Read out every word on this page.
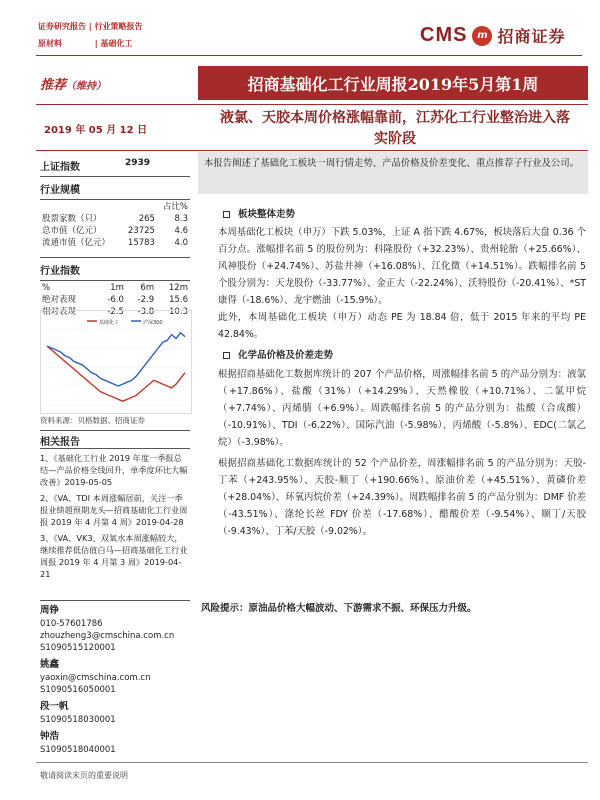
证券研究报告 | 行业策略报告
原材料	| 基础化工	CMS m 招商证券
推荐（维持）	招商基础化工行业周报2019年5月第1周
2019 年 05 月 12 日
液氯、天胶本周价格涨幅靠前，江苏化工行业整治进入落
实阶段
上证指数	2939
行业规模
		占比%
股票家数（只）	265	8.3
总市值（亿元）	23725	4.6
流通市值（亿元）	15783	4.0
行业指数
%	1m	6m	12m
绝对表现	-6.0	-2.9	15.6
相对表现	-2.5	-3.8	10.3
基础化工	沪深300
资料来源：贝格数据、招商证券
相关报告
1、《基础化工行业 2019 年度一季报总结—产品价格全线回升，单季度环比大幅改善》2019-05-05
2、《VA、TDI 本周涨幅居前，关注一季报业绩超预期龙头—招商基础化工行业周报 2019 年 4 月第 4 周》2019-04-28
3、《VA、VK3、双氧水本周涨幅较大，继续推荐低估值白马—招商基础化工行业周报 2019 年 4 月第 3 周》2019-04-21
周铮
010-57601786
zhouzheng3@cmschina.com.cn
S1090515120001
姚鑫
yaoxin@cmschina.com.cn
S1090516050001
段一帆
S1090518030001
钟浩
S1090518040001
本报告阐述了基础化工板块一周行情走势、产品价格及价差变化、重点推荐子行业及公司。
板块整体走势
本周基础化工板块（申万）下跌 5.03%，上证 A 指下跌 4.67%，板块落后大盘 0.36 个百分点。涨幅排名前 5 的股份列为：科隆股份（+32.23%）、贵州轮胎（+25.66%）、风神股份（+24.74%）、苏盐井神（+16.08%）、江化微（+14.51%）。跌幅排名前 5 个股分别为：天龙股份（-33.77%）、金正大（-22.24%）、沃特股份（-20.41%）、*ST 康得（-18.6%）、龙宇燃油（-15.9%）。
此外，本周基础化工板块（申万）动态 PE 为 18.84 倍，低于 2015 年来的平均 PE 42.84%。
化学品价格及价差走势
根据招商基础化工数据库统计的 207 个产品价格，周涨幅排名前 5 的产品分别为：液氯（+17.86%）、盐酸（31%）（+14.29%）、天然橡胶（+10.71%）、二氯甲烷（+7.74%）、丙烯腈（+6.9%）。周跌幅排名前 5 的产品分别为：盐酸（合成酸）（-10.91%）、TDI（-6.22%）、国际汽油（-5.98%）、丙烯酸（-5.8%）、EDC(二氯乙烷）（-3.98%）。
根据招商基础化工数据库统计的 52 个产品价差，周涨幅排名前 5 的产品分别为：天胶-丁苯（+243.95%）、天胶-顺丁（+190.66%）、原油价差（+45.51%）、黄磷价差（+28.04%）、环氧丙烷价差（+24.39%）。周跌幅排名前 5 的产品分别为：DMF 价差（-43.51%）、涤纶长丝 FDY 价差（-17.68%）、醋酸价差（-9.54%）、顺丁/天胶（-9.43%）、丁苯/天胶（-9.02%）。
风险提示：原油品价格大幅波动、下游需求不振、环保压力升级。
敬请阅读末页的重要说明
